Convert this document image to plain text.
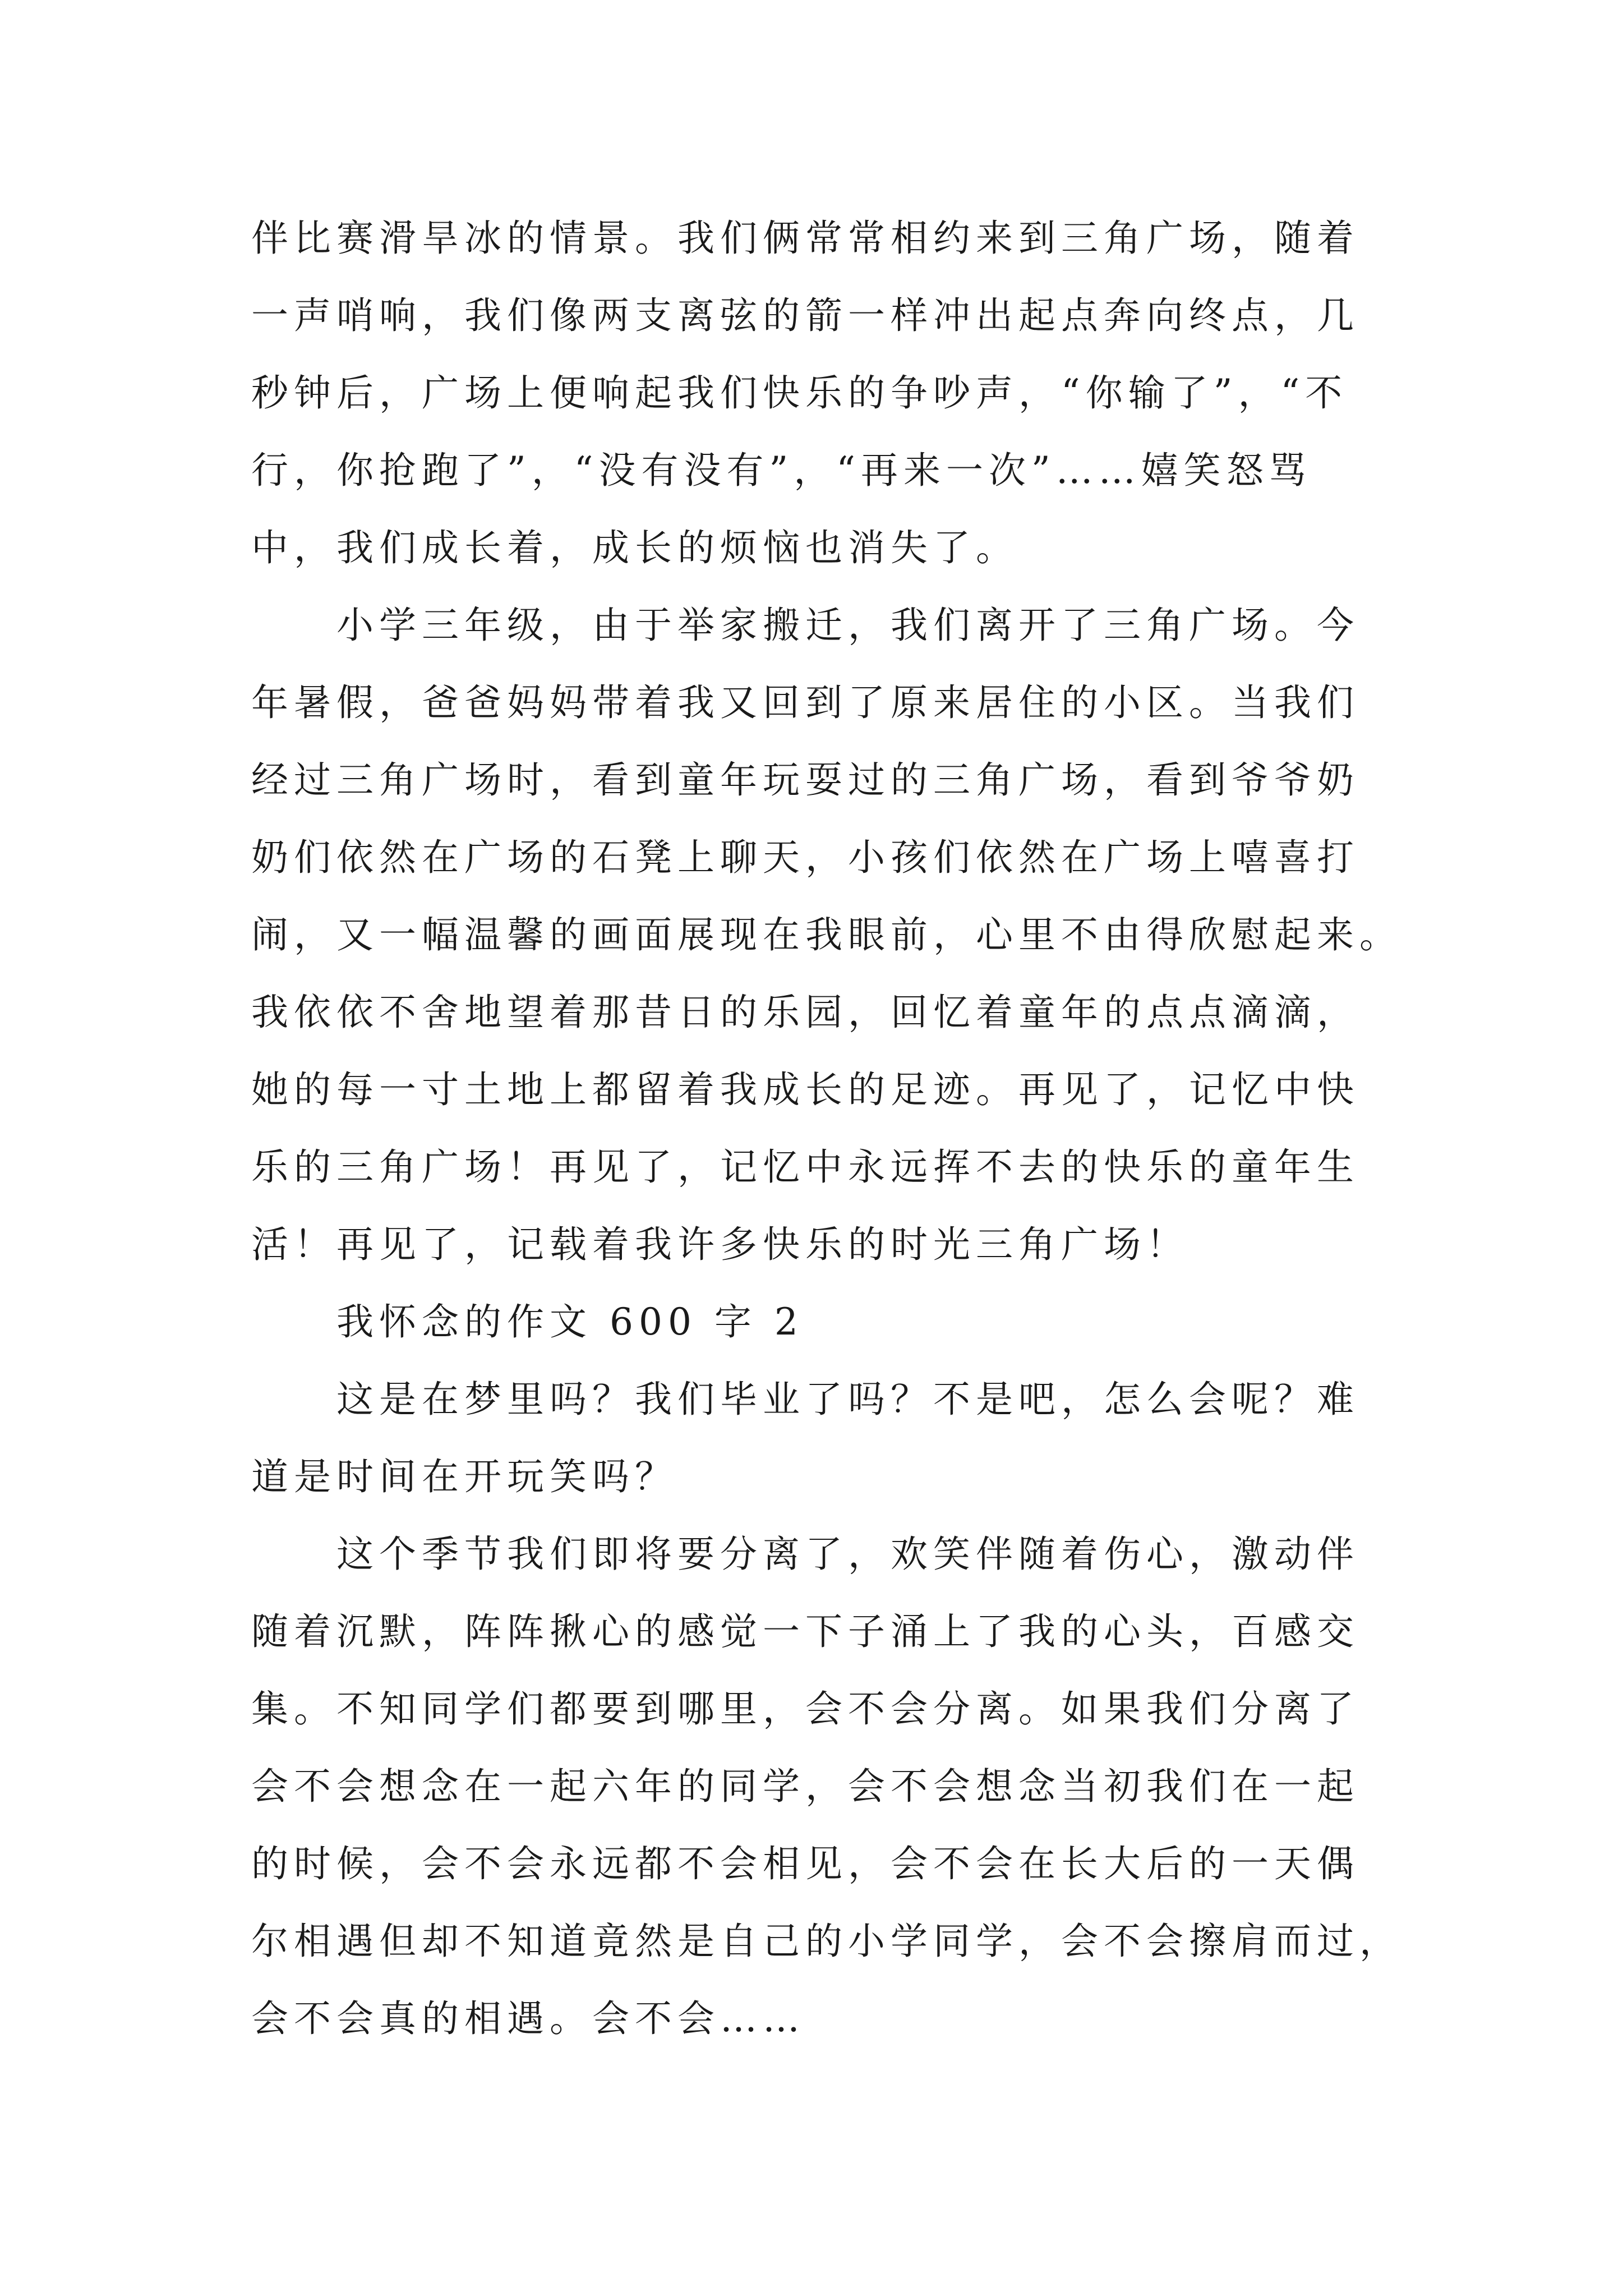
伴比赛滑旱冰的情景。我们俩常常相约来到三角广场，随着
一声哨响，我们像两支离弦的箭一样冲出起点奔向终点，几
秒钟后，广场上便响起我们快乐的争吵声，“你输了”，“不
行，你抢跑了”，“没有没有”，“再来一次”……嬉笑怒骂
中，我们成长着，成长的烦恼也消失了。
小学三年级，由于举家搬迁，我们离开了三角广场。今
年暑假，爸爸妈妈带着我又回到了原来居住的小区。当我们
经过三角广场时，看到童年玩耍过的三角广场，看到爷爷奶
奶们依然在广场的石凳上聊天，小孩们依然在广场上嘻喜打
闹，又一幅温馨的画面展现在我眼前，心里不由得欣慰起来。
我依依不舍地望着那昔日的乐园，回忆着童年的点点滴滴，
她的每一寸土地上都留着我成长的足迹。再见了，记忆中快
乐的三角广场！再见了，记忆中永远挥不去的快乐的童年生
活！再见了，记载着我许多快乐的时光三角广场！
我怀念的作文 600 字 2
这是在梦里吗？我们毕业了吗？不是吧，怎么会呢？难
道是时间在开玩笑吗？
这个季节我们即将要分离了，欢笑伴随着伤心，激动伴
随着沉默，阵阵揪心的感觉一下子涌上了我的心头，百感交
集。不知同学们都要到哪里，会不会分离。如果我们分离了
会不会想念在一起六年的同学，会不会想念当初我们在一起
的时候，会不会永远都不会相见，会不会在长大后的一天偶
尔相遇但却不知道竟然是自己的小学同学，会不会擦肩而过，
会不会真的相遇。会不会……
